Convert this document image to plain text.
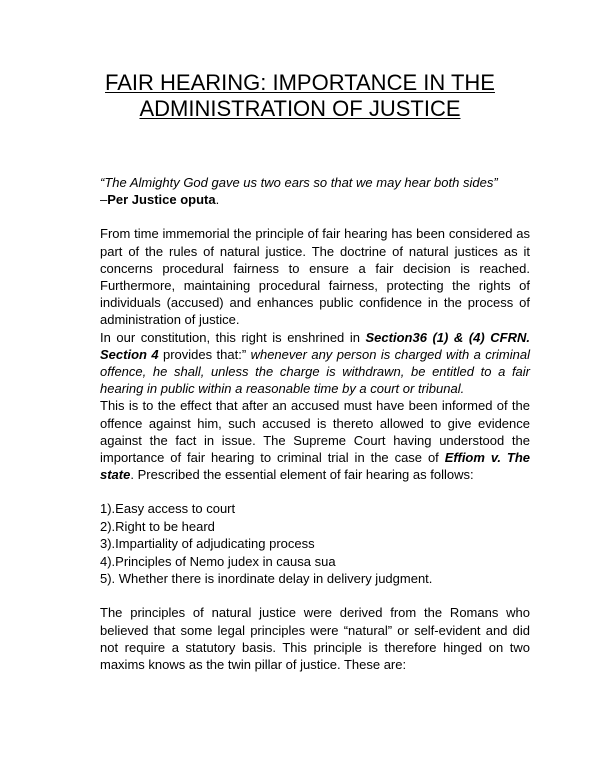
FAIR HEARING: IMPORTANCE IN THE
ADMINISTRATION OF JUSTICE

“The Almighty God gave us two ears so that we may hear both sides”
–Per Justice oputa.

From time immemorial the principle of fair hearing has been considered as part of the rules of natural justice. The doctrine of natural justices as it concerns procedural fairness to ensure a fair decision is reached. Furthermore, maintaining procedural fairness, protecting the rights of individuals (accused) and enhances public confidence in the process of administration of justice.

In our constitution, this right is enshrined in Section36 (1) & (4) CFRN. Section 4 provides that:” whenever any person is charged with a criminal offence, he shall, unless the charge is withdrawn, be entitled to a fair hearing in public within a reasonable time by a court or tribunal.

This is to the effect that after an accused must have been informed of the offence against him, such accused is thereto allowed to give evidence against the fact in issue. The Supreme Court having understood the importance of fair hearing to criminal trial in the case of Effiom v. The state. Prescribed the essential element of fair hearing as follows:

1).Easy access to court
2).Right to be heard
3).Impartiality of adjudicating process
4).Principles of Nemo judex in causa sua
5). Whether there is inordinate delay in delivery judgment.

The principles of natural justice were derived from the Romans who believed that some legal principles were “natural” or self-evident and did not require a statutory basis. This principle is therefore hinged on two maxims knows as the twin pillar of justice. These are:
